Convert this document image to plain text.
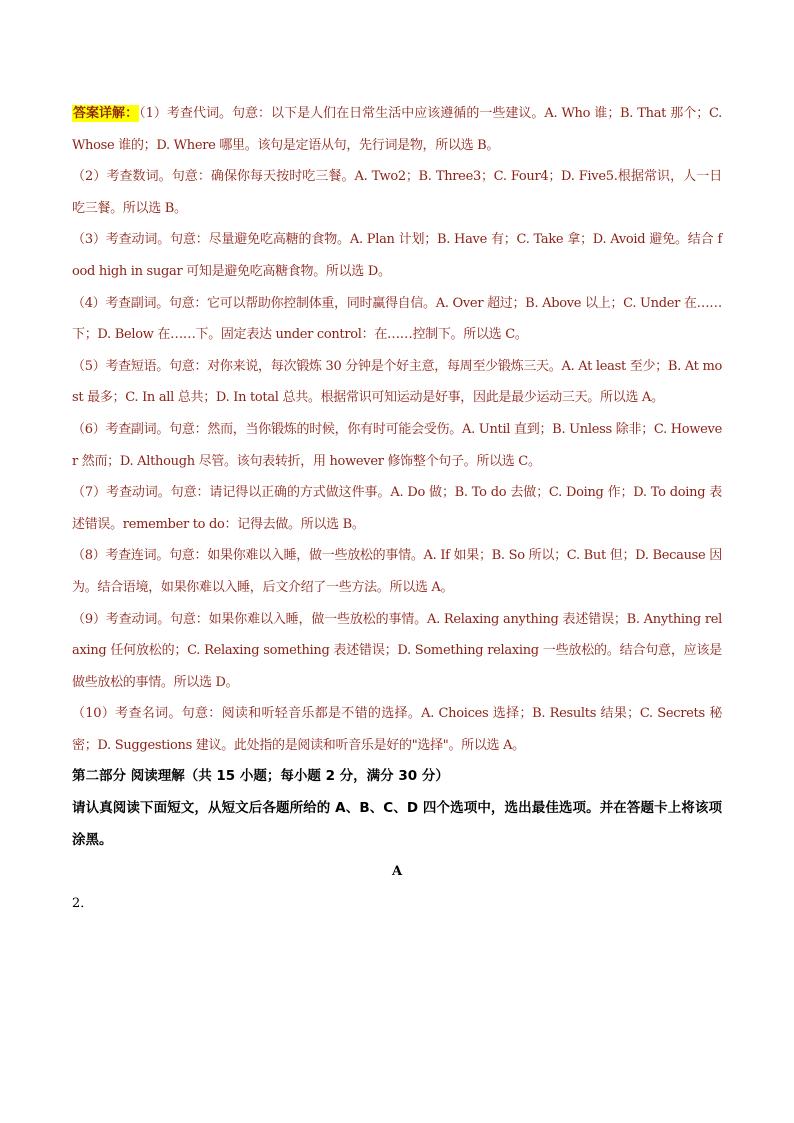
答案详解：（1）考查代词。句意：以下是人们在日常生活中应该遵循的一些建议。A. Who 谁；B. That 那个；C. Whose 谁的；D. Where 哪里。该句是定语从句，先行词是物，所以选 B。

（2）考查数词。句意：确保你每天按时吃三餐。A. Two2；B. Three3；C. Four4；D. Five5.根据常识，人一日吃三餐。所以选 B。

（3）考查动词。句意：尽量避免吃高糖的食物。A. Plan 计划；B. Have 有；C. Take 拿；D. Avoid 避免。结合 food high in sugar 可知是避免吃高糖食物。所以选 D。

（4）考查副词。句意：它可以帮助你控制体重，同时赢得自信。A. Over 超过；B. Above 以上；C. Under 在……下；D. Below 在……下。固定表达 under control：在……控制下。所以选 C。

（5）考查短语。句意：对你来说，每次锻炼 30 分钟是个好主意，每周至少锻炼三天。A. At least 至少；B. At most 最多；C. In all 总共；D. In total 总共。根据常识可知运动是好事，因此是最少运动三天。所以选 A。

（6）考查副词。句意：然而，当你锻炼的时候，你有时可能会受伤。A. Until 直到；B. Unless 除非；C. However 然而；D. Although 尽管。该句表转折，用 however 修饰整个句子。所以选 C。

（7）考查动词。句意：请记得以正确的方式做这件事。A. Do 做；B. To do 去做；C. Doing 作；D. To doing 表述错误。remember to do：记得去做。所以选 B。

（8）考查连词。句意：如果你难以入睡，做一些放松的事情。A. If 如果；B. So 所以；C. But 但；D. Because 因为。结合语境，如果你难以入睡，后文介绍了一些方法。所以选 A。

（9）考查动词。句意：如果你难以入睡，做一些放松的事情。A. Relaxing anything 表述错误；B. Anything relaxing 任何放松的；C. Relaxing something 表述错误；D. Something relaxing 一些放松的。结合句意，应该是做些放松的事情。所以选 D。

（10）考查名词。句意：阅读和听轻音乐都是不错的选择。A. Choices 选择；B. Results 结果；C. Secrets 秘密；D. Suggestions 建议。此处指的是阅读和听音乐是好的"选择"。所以选 A。

第二部分 阅读理解（共 15 小题；每小题 2 分，满分 30 分）

请认真阅读下面短文，从短文后各题所给的 A、B、C、D 四个选项中，选出最佳选项。并在答题卡上将该项涂黑。

A

2．
